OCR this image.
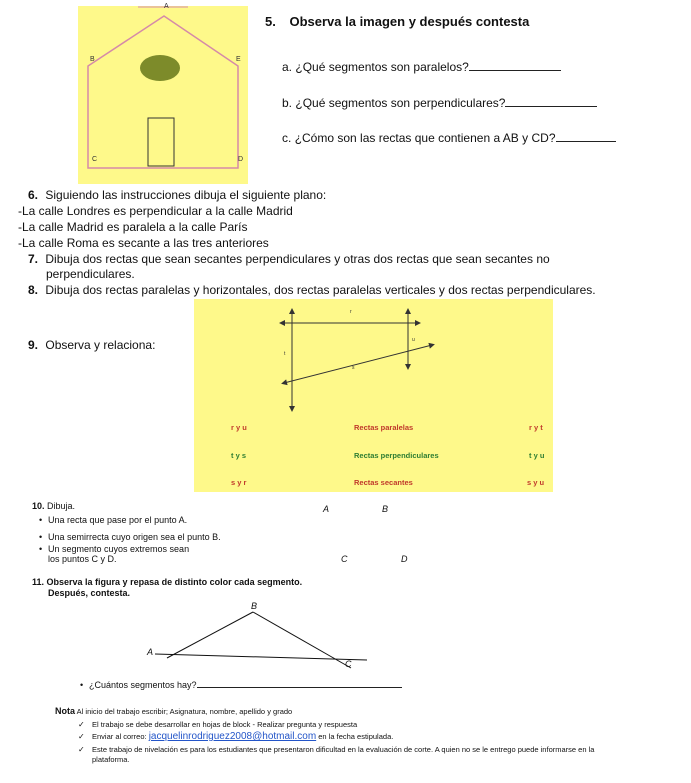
A
B	E
C	D
5. Observa la imagen y después contesta
a. ¿Qué segmentos son paralelos?
b. ¿Qué segmentos son perpendiculares?
c. ¿Cómo son las rectas que contienen a AB y CD?
6. Siguiendo las instrucciones dibuja el siguiente plano:
-La calle Londres es perpendicular a la calle Madrid
-La calle Madrid es paralela a la calle París
-La calle Roma es secante a las tres anteriores
7. Dibuja dos rectas que sean secantes perpendiculares y otras dos rectas que sean secantes no
perpendiculares.
8. Dibuja dos rectas paralelas y horizontales, dos rectas paralelas verticales y dos rectas perpendiculares.
9. Observa y relaciona:
r
t
u
s
r y u	Rectas paralelas	r y t
t y s	Rectas perpendiculares	t y u
s y r	Rectas secantes	s y u
10. Dibuja.
• Una recta que pase por el punto A.
• Una semirrecta cuyo origen sea el punto B.
• Un segmento cuyos extremos sean
los puntos C y D.
A	B
C	D
11. Observa la figura y repasa de distinto color cada segmento.
Después, contesta.
B
A
C
• ¿Cuántos segmentos hay?
Nota Al inicio del trabajo escribir; Asignatura, nombre, apellido y grado
✓ El trabajo se debe desarrollar en hojas de block - Realizar pregunta y respuesta
✓ Enviar al correo: jacquelinrodriguez2008@hotmail.com en la fecha estipulada.
✓ Este trabajo de nivelación es para los estudiantes que presentaron dificultad en la evaluación de corte. A quien no se le entrego puede informarse en la
plataforma.
